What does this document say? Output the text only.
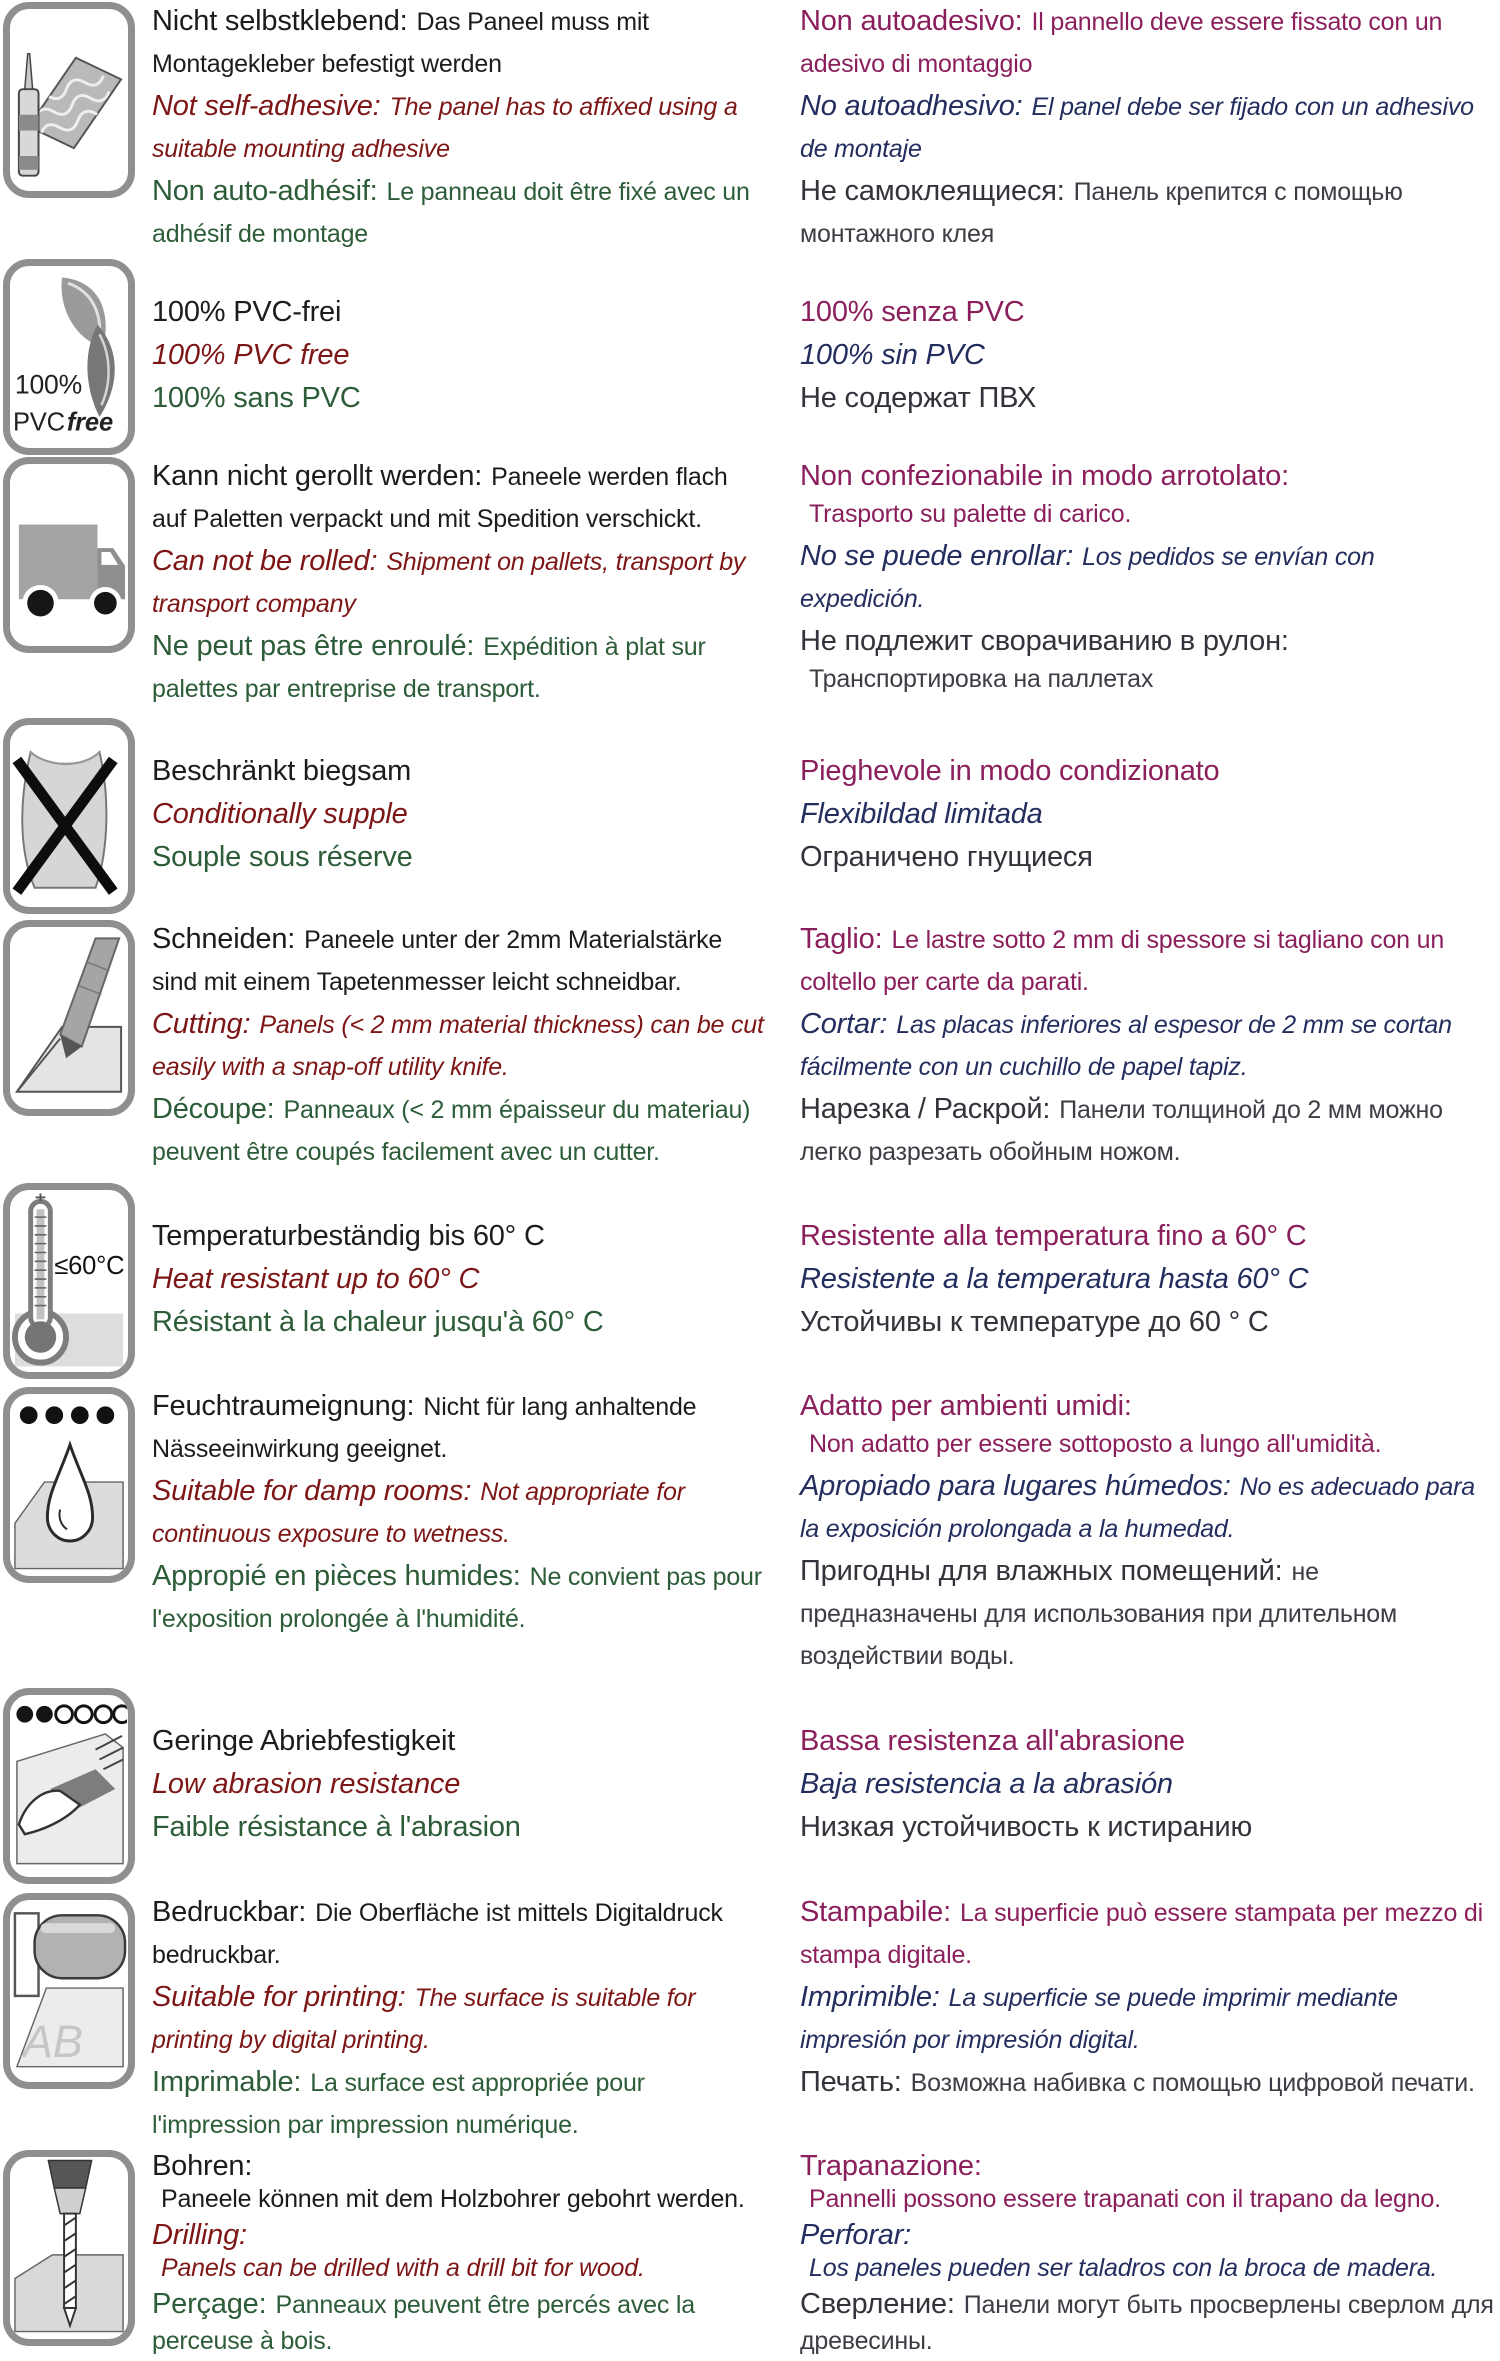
Nicht selbstklebend: Das Paneel muss mit Montagekleber befestigt werden

Not self-adhesive: The panel has to affixed using a suitable mounting adhesive

Non auto-adhésif: Le panneau doit être fixé avec un adhésif de montage

Non autoadesivo: Il pannello deve essere fissato con un adesivo di montaggio

No autoadhesivo: El panel debe ser fijado con un adhesivo de montaje

Не самоклеящиеся: Панель крепится с помощью монтажного клея

100%
PVCfree

100% PVC-frei

100% PVC free

100% sans PVC

100% senza PVC

100% sin PVC

Не содержат ПВХ

Kann nicht gerollt werden: Paneele werden flach auf Paletten verpackt und mit Spedition verschickt.

Can not be rolled: Shipment on pallets, transport by transport company

Ne peut pas être enroulé: Expédition à plat sur palettes par entreprise de transport.

Non confezionabile in modo arrotolato:
Trasporto su palette di carico.

No se puede enrollar: Los pedidos se envían con expedición.

Не подлежит сворачиванию в рулон:
Транспортировка на паллетах

Beschränkt biegsam

Conditionally supple

Souple sous réserve

Pieghevole in modo condizionato

Flexibildad limitada

Ограничено гнущиеся

Schneiden: Paneele unter der 2mm Materialstärke sind mit einem Tapetenmesser leicht schneidbar.

Cutting: Panels (< 2 mm material thickness) can be cut easily with a snap-off utility knife.

Découpe: Panneaux (< 2 mm épaisseur du materiau) peuvent être coupés facilement avec un cutter.

Taglio: Le lastre sotto 2 mm di spessore si tagliano con un coltello per carte da parati.

Cortar: Las placas inferiores al espesor de 2 mm se cortan fácilmente con un cuchillo de papel tapiz.

Нарезка / Раскрой: Панели толщиной до 2 мм можно легко разрезать обойным ножом.

≤60°C

Temperaturbeständig bis 60° C

Heat resistant up to 60° C

Résistant à la chaleur jusqu'à 60° C

Resistente alla temperatura fino a 60° C

Resistente a la temperatura hasta 60° C

Устойчивы к температуре до 60 ° C

Feuchtraumeignung: Nicht für lang anhaltende Nässeeinwirkung geeignet.

Suitable for damp rooms: Not appropriate for continuous exposure to wetness.

Appropié en pièces humides: Ne convient pas pour l'exposition prolongée à l'humidité.

Adatto per ambienti umidi:
Non adatto per essere sottoposto a lungo all'umidità.

Apropiado para lugares húmedos: No es adecuado para la exposición prolongada a la humedad.

Пригодны для влажных помещений: не предназначены для использования при длительном воздействии воды.

Geringe Abriebfestigkeit

Low abrasion resistance

Faible résistance à l'abrasion

Bassa resistenza all'abrasione

Baja resistencia a la abrasión

Низкая устойчивость к истиранию

AB

Bedruckbar: Die Oberfläche ist mittels Digitaldruck bedruckbar.

Suitable for printing: The surface is suitable for printing by digital printing.

Imprimable: La surface est appropriée pour l'impression par impression numérique.

Stampabile: La superficie può essere stampata per mezzo di stampa digitale.

Imprimible: La superficie se puede imprimir mediante impresión por impresión digital.

Печать: Возможна набивка с помощью цифровой печати.

Bohren:
Paneele können mit dem Holzbohrer gebohrt werden.

Drilling:
Panels can be drilled with a drill bit for wood.

Perçage: Panneaux peuvent être percés avec la perceuse à bois.

Trapanazione:
Pannelli possono essere trapanati con il trapano da legno.

Perforar:
Los paneles pueden ser taladros con la broca de madera.

Сверление: Панели могут быть просверлены сверлом для древесины.
